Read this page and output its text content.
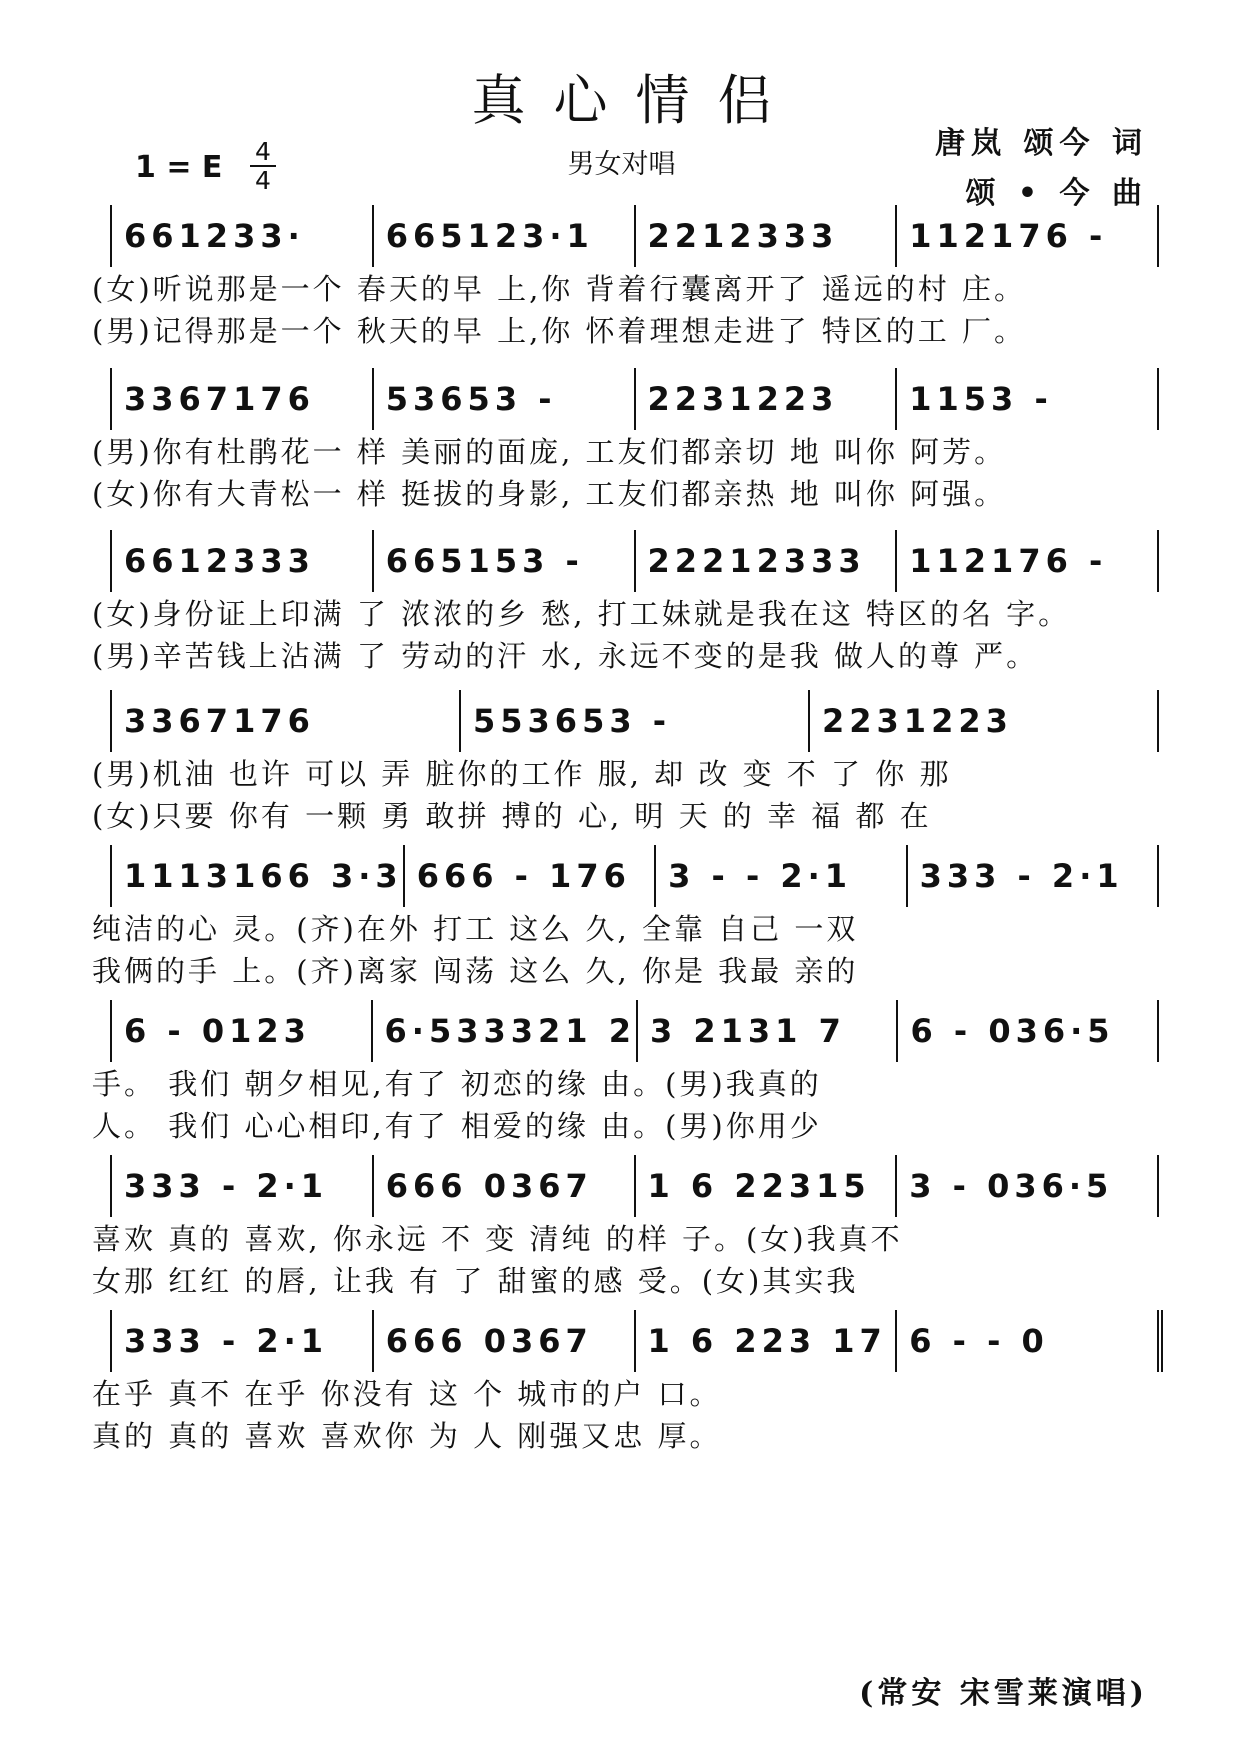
真心情侣
男女对唱
1 = E 4
4
唐岚 颂今 词
颂 • 今 曲
661233·	665123·1	2212333	112176 -
(女)听说那是一个 春天的早 上,你 背着行囊离开了 遥远的村 庄。
(男)记得那是一个 秋天的早 上,你 怀着理想走进了 特区的工 厂。
3367176	53653 -	2231223	1153 -
(男)你有杜鹃花一 样 美丽的面庞, 工友们都亲切 地 叫你 阿芳。
(女)你有大青松一 样 挺拔的身影, 工友们都亲热 地 叫你 阿强。
6612333	665153 -	22212333	112176 -
(女)身份证上印满 了 浓浓的乡 愁, 打工妹就是我在这 特区的名 字。
(男)辛苦钱上沾满 了 劳动的汗 水, 永远不变的是我 做人的尊 严。
3367176	553653 -	2231223
(男)机油 也许 可以 弄 脏你的工作 服, 却 改 变 不 了 你 那
(女)只要 你有 一颗 勇 敢拼 搏的 心, 明 天 的 幸 福 都 在
1113166 3·3 666 - 176	3 - - 2·1	333 - 2·1
纯洁的心 灵。(齐)在外 打工 这么 久, 全靠 自己 一双
我俩的手 上。(齐)离家 闯荡 这么 久, 你是 我最 亲的
6 - 0123	6·533321 2 3 2131 7	6 - 036·5
手。 我们 朝夕相见,有了 初恋的缘 由。(男)我真的
人。 我们 心心相印,有了 相爱的缘 由。(男)你用少
333 - 2·1	666 0367	1 6 22315	3 - 036·5
喜欢 真的 喜欢, 你永远 不 变 清纯 的样 子。(女)我真不
女那 红红 的唇, 让我 有 了 甜蜜的感 受。(女)其实我
333 - 2·1	666 0367	1 6 223 17 6 - - 0
在乎 真不 在乎 你没有 这 个 城市的户 口。
真的 真的 喜欢 喜欢你 为 人 刚强又忠 厚。
(常安 宋雪莱演唱)
